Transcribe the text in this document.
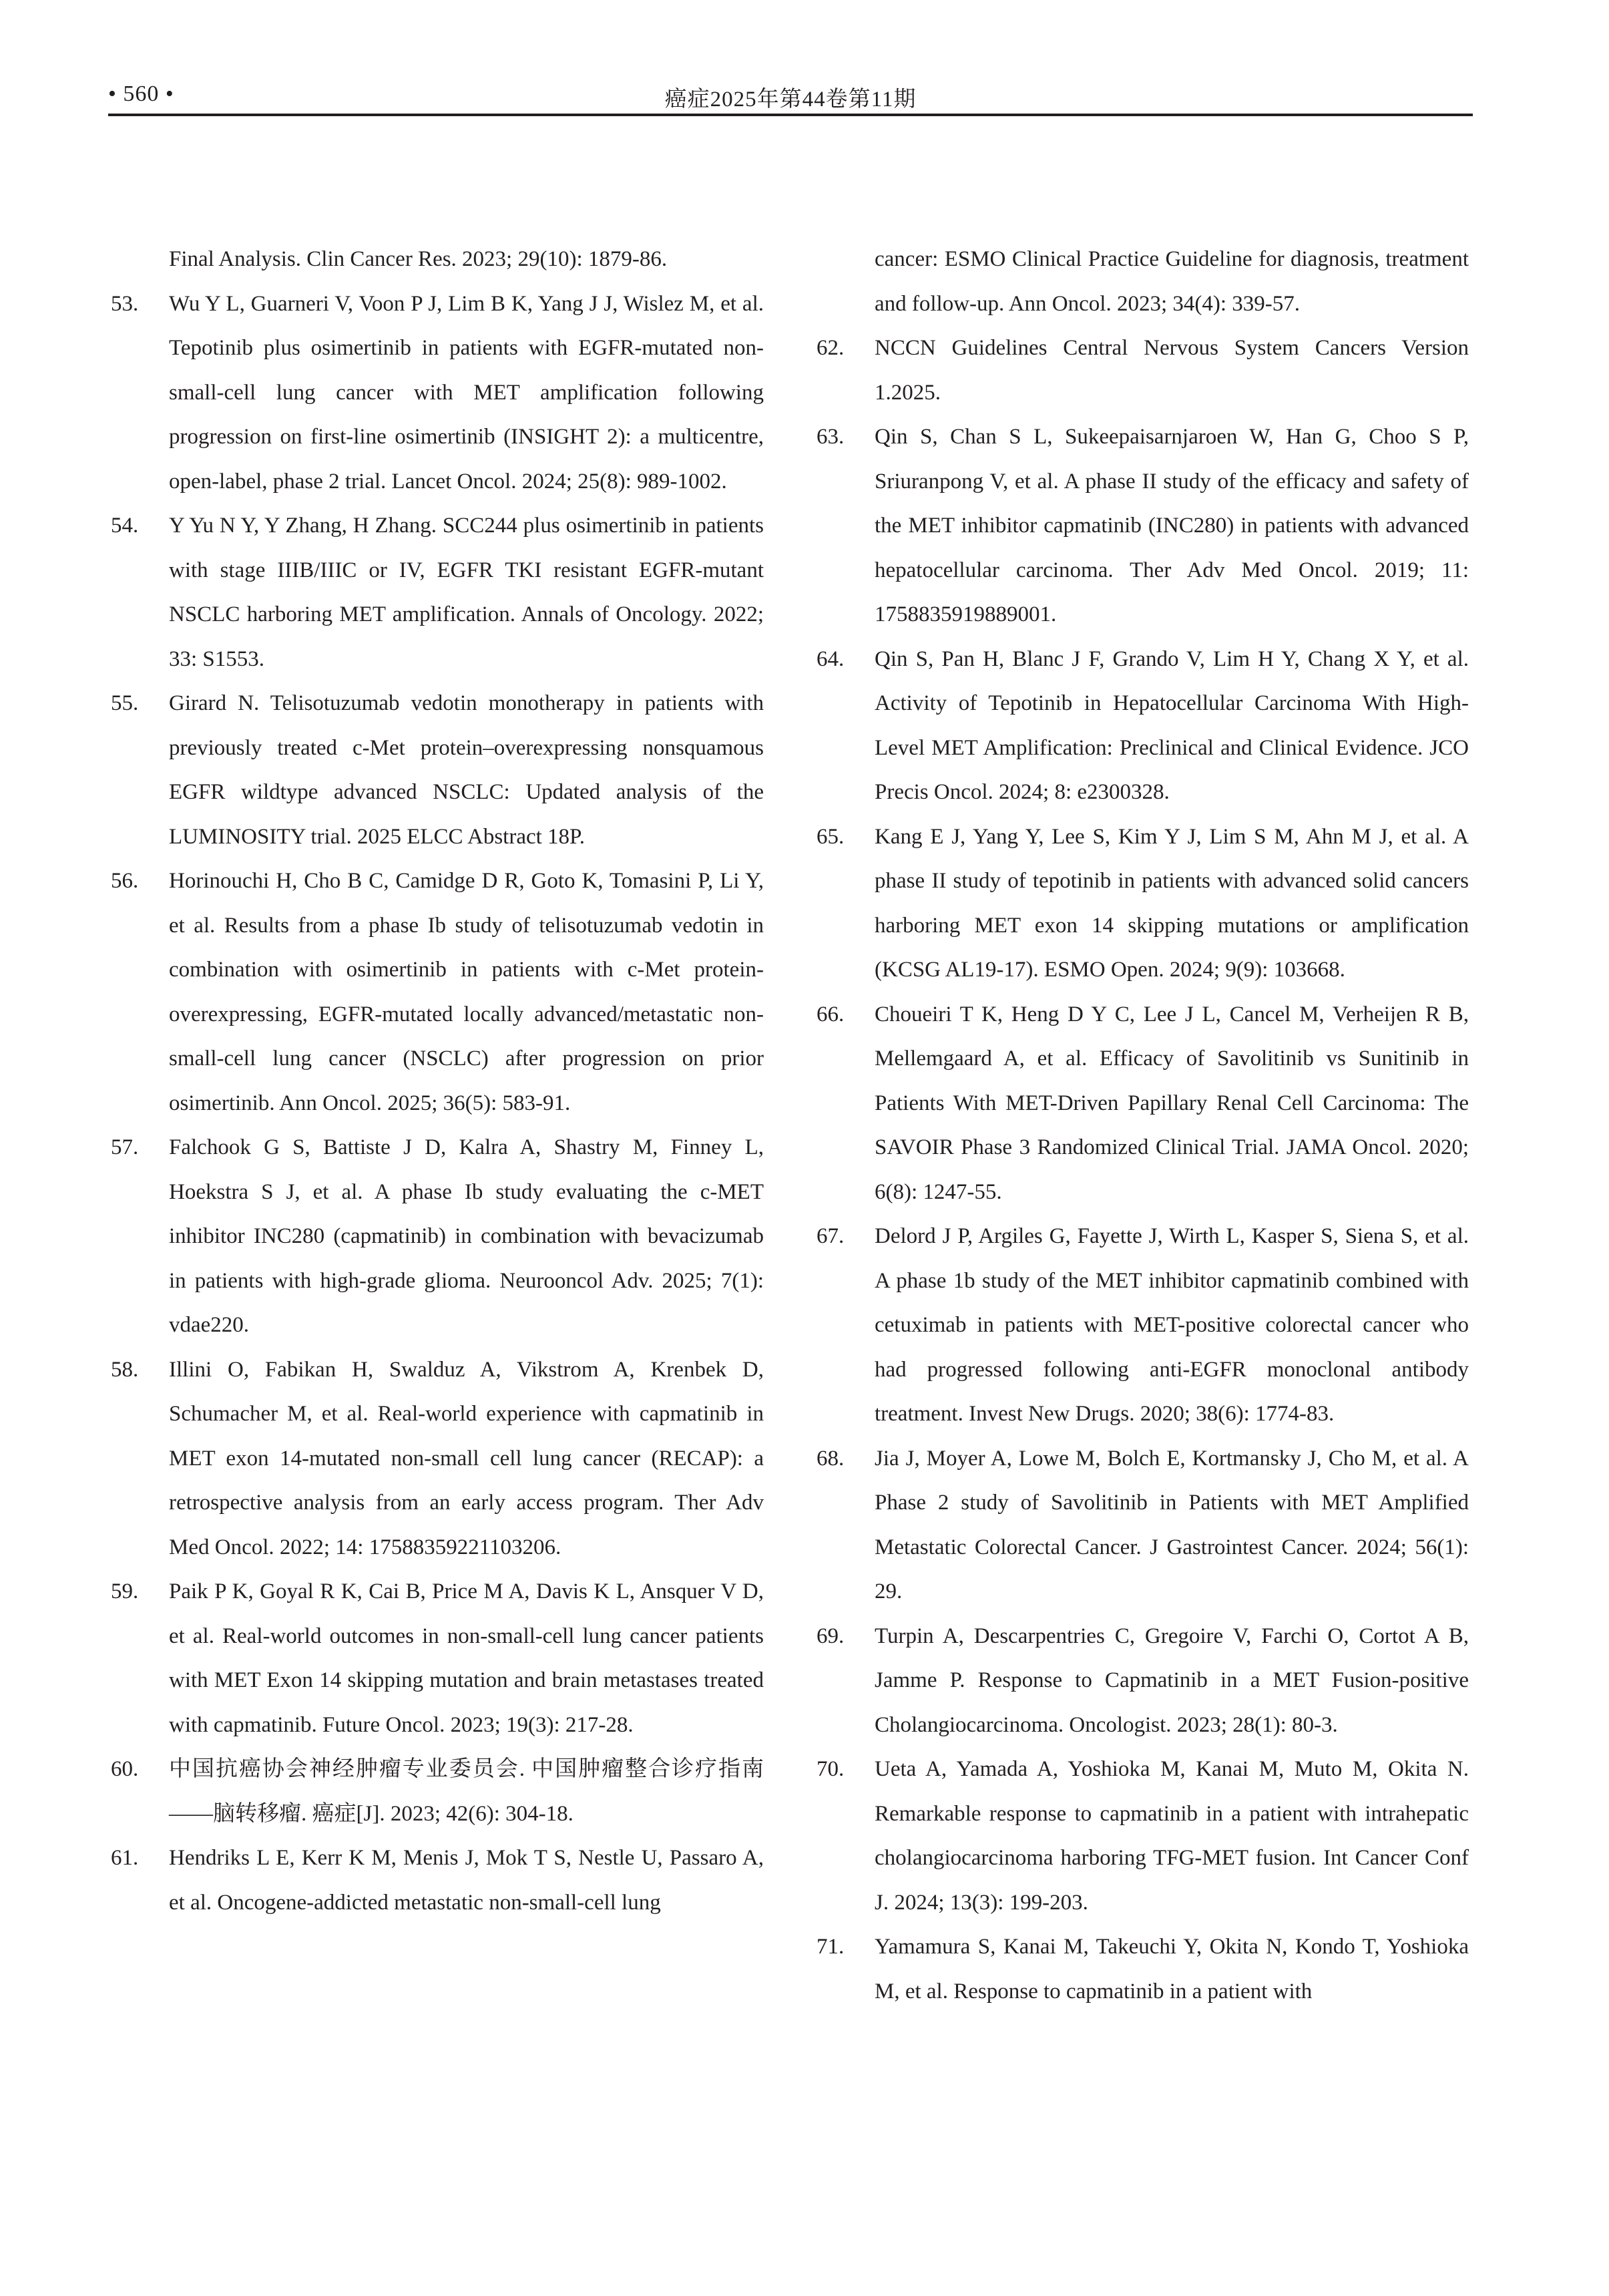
• 560 •	癌症2025年第44卷第11期
Final Analysis. Clin Cancer Res. 2023; 29(10): 1879-86.
53. Wu Y L, Guarneri V, Voon P J, Lim B K, Yang J J, Wislez M, et al. Tepotinib plus osimertinib in patients with EGFR-mutated non-small-cell lung cancer with MET amplification following progression on first-line osimertinib (INSIGHT 2): a multicentre, open-label, phase 2 trial. Lancet Oncol. 2024; 25(8): 989-1002.
54. Y Yu N Y, Y Zhang, H Zhang. SCC244 plus osimertinib in patients with stage IIIB/IIIC or IV, EGFR TKI resistant EGFR-mutant NSCLC harboring MET amplification. Annals of Oncology. 2022; 33: S1553.
55. Girard N. Telisotuzumab vedotin monotherapy in patients with previously treated c-Met protein–overexpressing nonsquamous EGFR wildtype advanced NSCLC: Updated analysis of the LUMINOSITY trial. 2025 ELCC Abstract 18P.
56. Horinouchi H, Cho B C, Camidge D R, Goto K, Tomasini P, Li Y, et al. Results from a phase Ib study of telisotuzumab vedotin in combination with osimertinib in patients with c-Met protein-overexpressing, EGFR-mutated locally advanced/metastatic non-small-cell lung cancer (NSCLC) after progression on prior osimertinib. Ann Oncol. 2025; 36(5): 583-91.
57. Falchook G S, Battiste J D, Kalra A, Shastry M, Finney L, Hoekstra S J, et al. A phase Ib study evaluating the c-MET inhibitor INC280 (capmatinib) in combination with bevacizumab in patients with high-grade glioma. Neurooncol Adv. 2025; 7(1): vdae220.
58. Illini O, Fabikan H, Swalduz A, Vikstrom A, Krenbek D, Schumacher M, et al. Real-world experience with capmatinib in MET exon 14-mutated non-small cell lung cancer (RECAP): a retrospective analysis from an early access program. Ther Adv Med Oncol. 2022; 14: 17588359221103206.
59. Paik P K, Goyal R K, Cai B, Price M A, Davis K L, Ansquer V D, et al. Real-world outcomes in non-small-cell lung cancer patients with MET Exon 14 skipping mutation and brain metastases treated with capmatinib. Future Oncol. 2023; 19(3): 217-28.
60. 中国抗癌协会神经肿瘤专业委员会. 中国肿瘤整合诊疗指南——脑转移瘤. 癌症[J]. 2023; 42(6): 304-18.
61. Hendriks L E, Kerr K M, Menis J, Mok T S, Nestle U, Passaro A, et al. Oncogene-addicted metastatic non-small-cell lung
cancer: ESMO Clinical Practice Guideline for diagnosis, treatment and follow-up. Ann Oncol. 2023; 34(4): 339-57.
62. NCCN Guidelines Central Nervous System Cancers Version 1.2025.
63. Qin S, Chan S L, Sukeepaisarnjaroen W, Han G, Choo S P, Sriuranpong V, et al. A phase II study of the efficacy and safety of the MET inhibitor capmatinib (INC280) in patients with advanced hepatocellular carcinoma. Ther Adv Med Oncol. 2019; 11: 1758835919889001.
64. Qin S, Pan H, Blanc J F, Grando V, Lim H Y, Chang X Y, et al. Activity of Tepotinib in Hepatocellular Carcinoma With High-Level MET Amplification: Preclinical and Clinical Evidence. JCO Precis Oncol. 2024; 8: e2300328.
65. Kang E J, Yang Y, Lee S, Kim Y J, Lim S M, Ahn M J, et al. A phase II study of tepotinib in patients with advanced solid cancers harboring MET exon 14 skipping mutations or amplification (KCSG AL19-17). ESMO Open. 2024; 9(9): 103668.
66. Choueiri T K, Heng D Y C, Lee J L, Cancel M, Verheijen R B, Mellemgaard A, et al. Efficacy of Savolitinib vs Sunitinib in Patients With MET-Driven Papillary Renal Cell Carcinoma: The SAVOIR Phase 3 Randomized Clinical Trial. JAMA Oncol. 2020; 6(8): 1247-55.
67. Delord J P, Argiles G, Fayette J, Wirth L, Kasper S, Siena S, et al. A phase 1b study of the MET inhibitor capmatinib combined with cetuximab in patients with MET-positive colorectal cancer who had progressed following anti-EGFR monoclonal antibody treatment. Invest New Drugs. 2020; 38(6): 1774-83.
68. Jia J, Moyer A, Lowe M, Bolch E, Kortmansky J, Cho M, et al. A Phase 2 study of Savolitinib in Patients with MET Amplified Metastatic Colorectal Cancer. J Gastrointest Cancer. 2024; 56(1): 29.
69. Turpin A, Descarpentries C, Gregoire V, Farchi O, Cortot A B, Jamme P. Response to Capmatinib in a MET Fusion-positive Cholangiocarcinoma. Oncologist. 2023; 28(1): 80-3.
70. Ueta A, Yamada A, Yoshioka M, Kanai M, Muto M, Okita N. Remarkable response to capmatinib in a patient with intrahepatic cholangiocarcinoma harboring TFG-MET fusion. Int Cancer Conf J. 2024; 13(3): 199-203.
71. Yamamura S, Kanai M, Takeuchi Y, Okita N, Kondo T, Yoshioka M, et al. Response to capmatinib in a patient with
